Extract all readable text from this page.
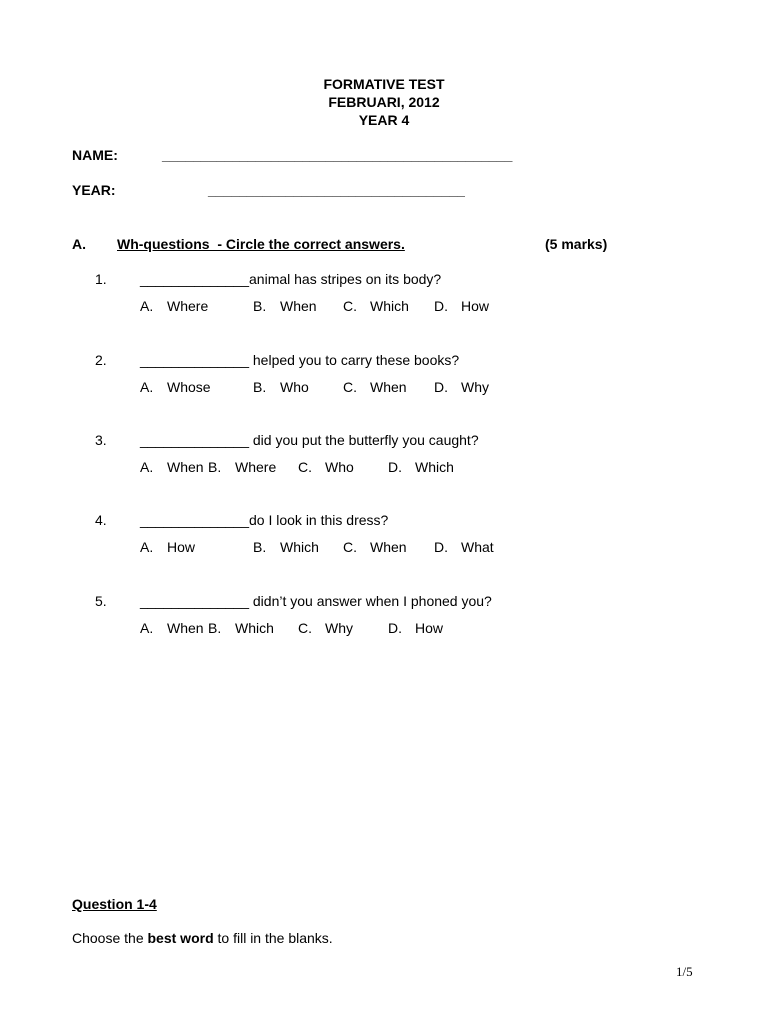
FORMATIVE TEST
FEBRUARI, 2012
YEAR 4
NAME:	_____________________________________________
YEAR:	_________________________________
A. Wh-questions  - Circle the correct answers.	(5 marks)
1. ______________animal has stripes on its body?
A. Where	B. When C. Which D. How
2. ______________ helped you to carry these books?
A. Whose	B. Who C. When D. Why
3. ______________ did you put the butterfly you caught?
A. When B. Where C. Who D. Which
4. ______________do I look in this dress?
A. How	B. Which C. When D. What
5. ______________ didn’t you answer when I phoned you?
A. When B. Which C. Why	D. How
Question 1-4

Choose the best word to fill in the blanks.

1/5
